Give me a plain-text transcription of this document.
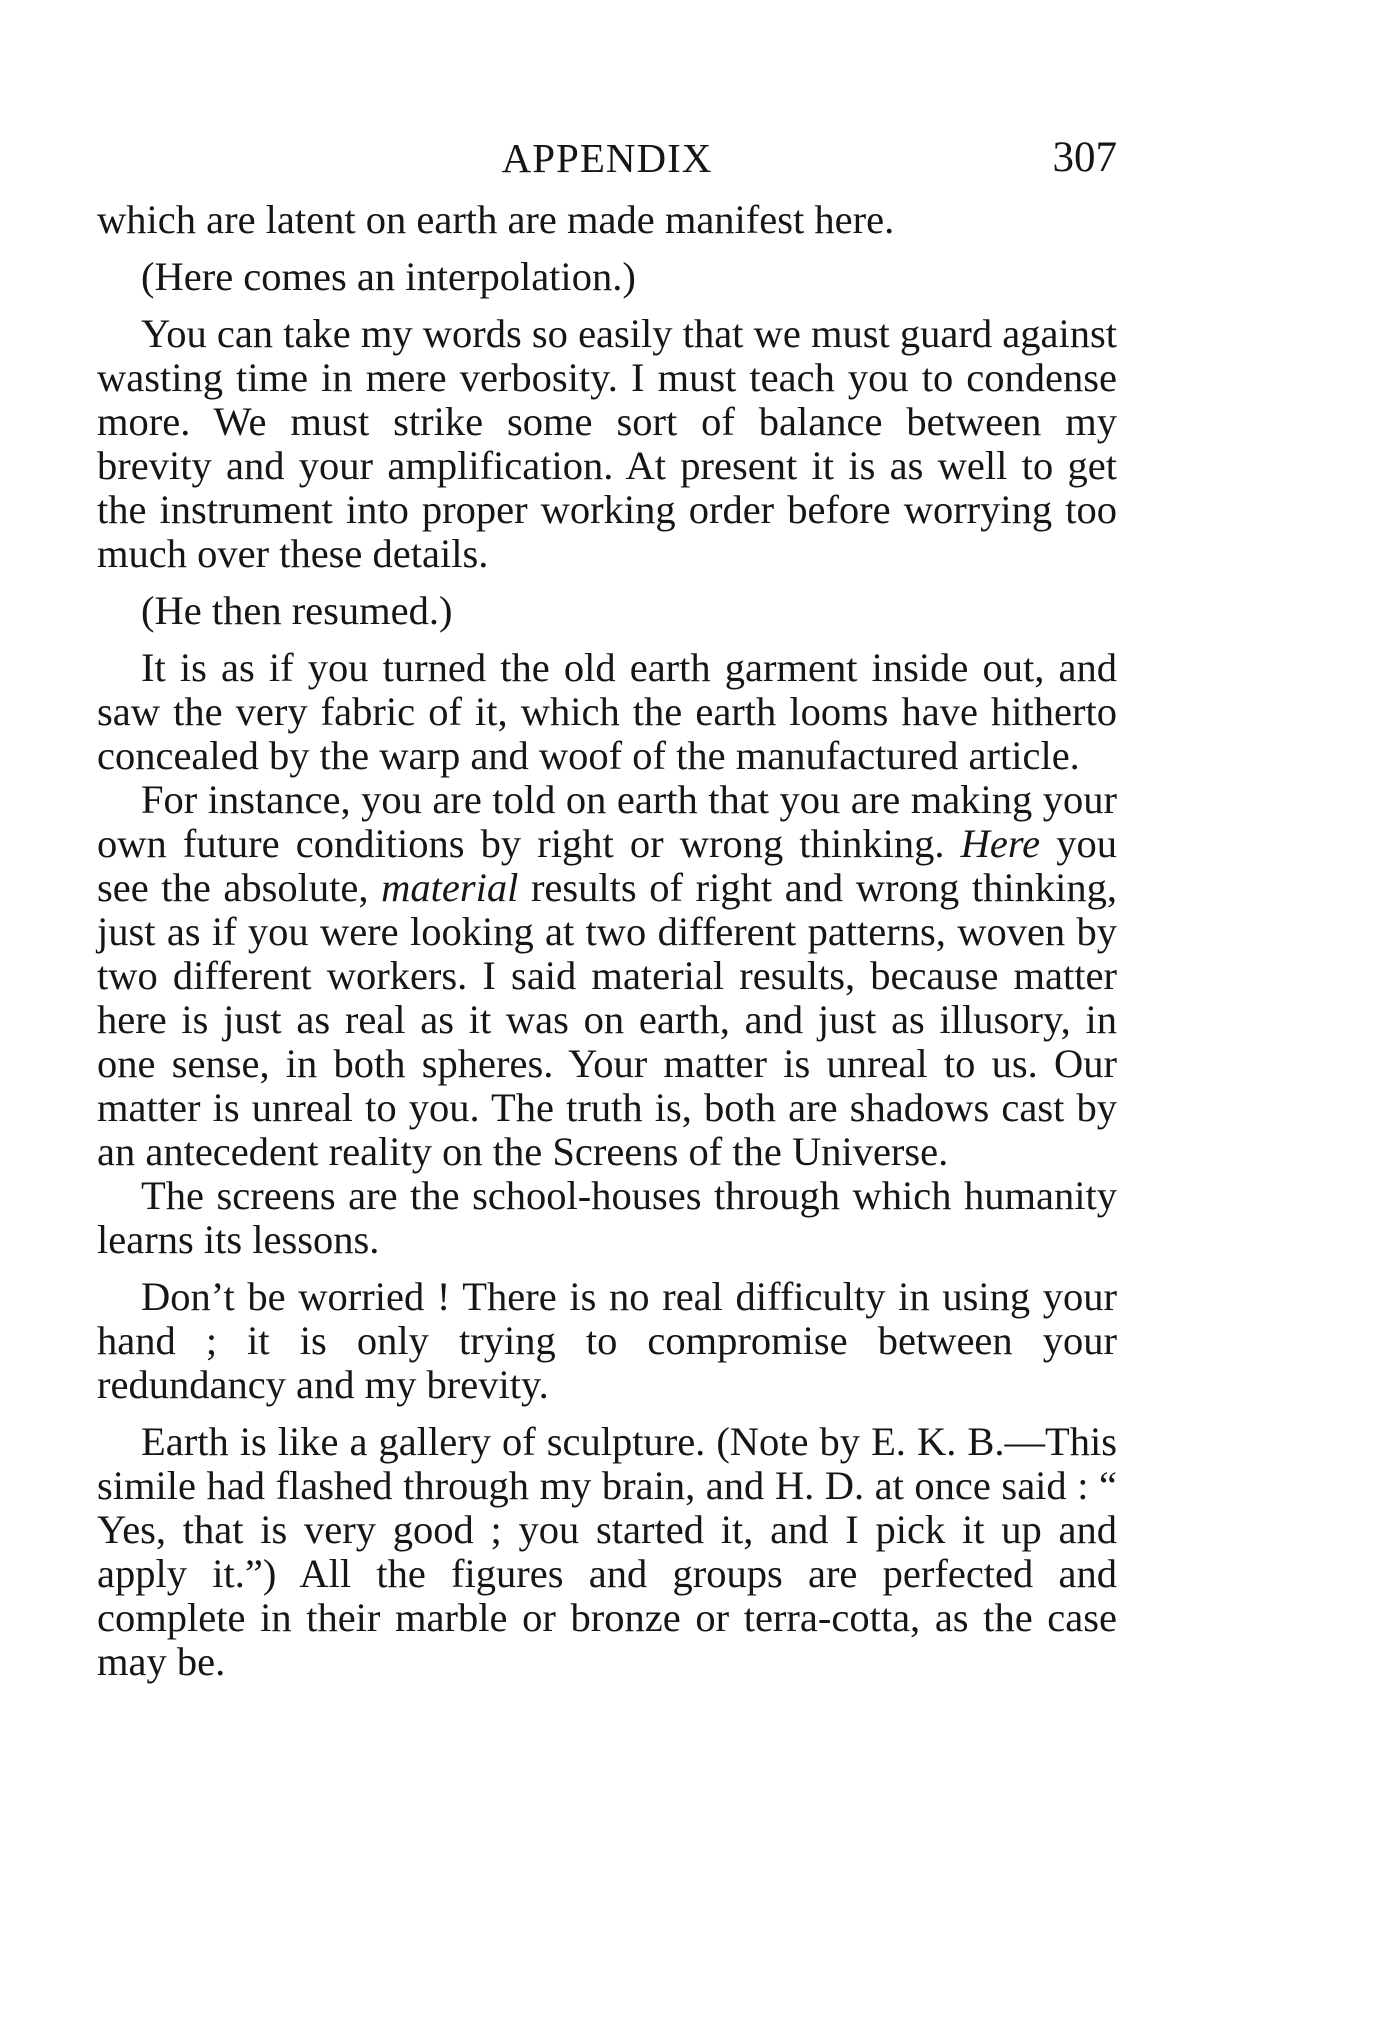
APPENDIX	307

which are latent on earth are made manifest here.

(Here comes an interpolation.)

You can take my words so easily that we must guard against wasting time in mere verbosity. I must teach you to condense more. We must strike some sort of balance between my brevity and your amplification. At present it is as well to get the instrument into proper working order before worrying too much over these details.

(He then resumed.)

It is as if you turned the old earth garment inside out, and saw the very fabric of it, which the earth looms have hitherto concealed by the warp and woof of the manufactured article.

For instance, you are told on earth that you are making your own future conditions by right or wrong thinking. Here you see the absolute, material results of right and wrong thinking, just as if you were looking at two different patterns, woven by two different workers. I said material results, because matter here is just as real as it was on earth, and just as illusory, in one sense, in both spheres. Your matter is unreal to us. Our matter is unreal to you. The truth is, both are shadows cast by an antecedent reality on the Screens of the Universe.

The screens are the school-houses through which humanity learns its lessons.

Don’t be worried ! There is no real difficulty in using your hand ; it is only trying to compromise between your redundancy and my brevity.

Earth is like a gallery of sculpture. (Note by E. K. B.—This simile had flashed through my brain, and H. D. at once said : “ Yes, that is very good ; you started it, and I pick it up and apply it.”) All the figures and groups are perfected and complete in their marble or bronze or terra-cotta, as the case may be.
